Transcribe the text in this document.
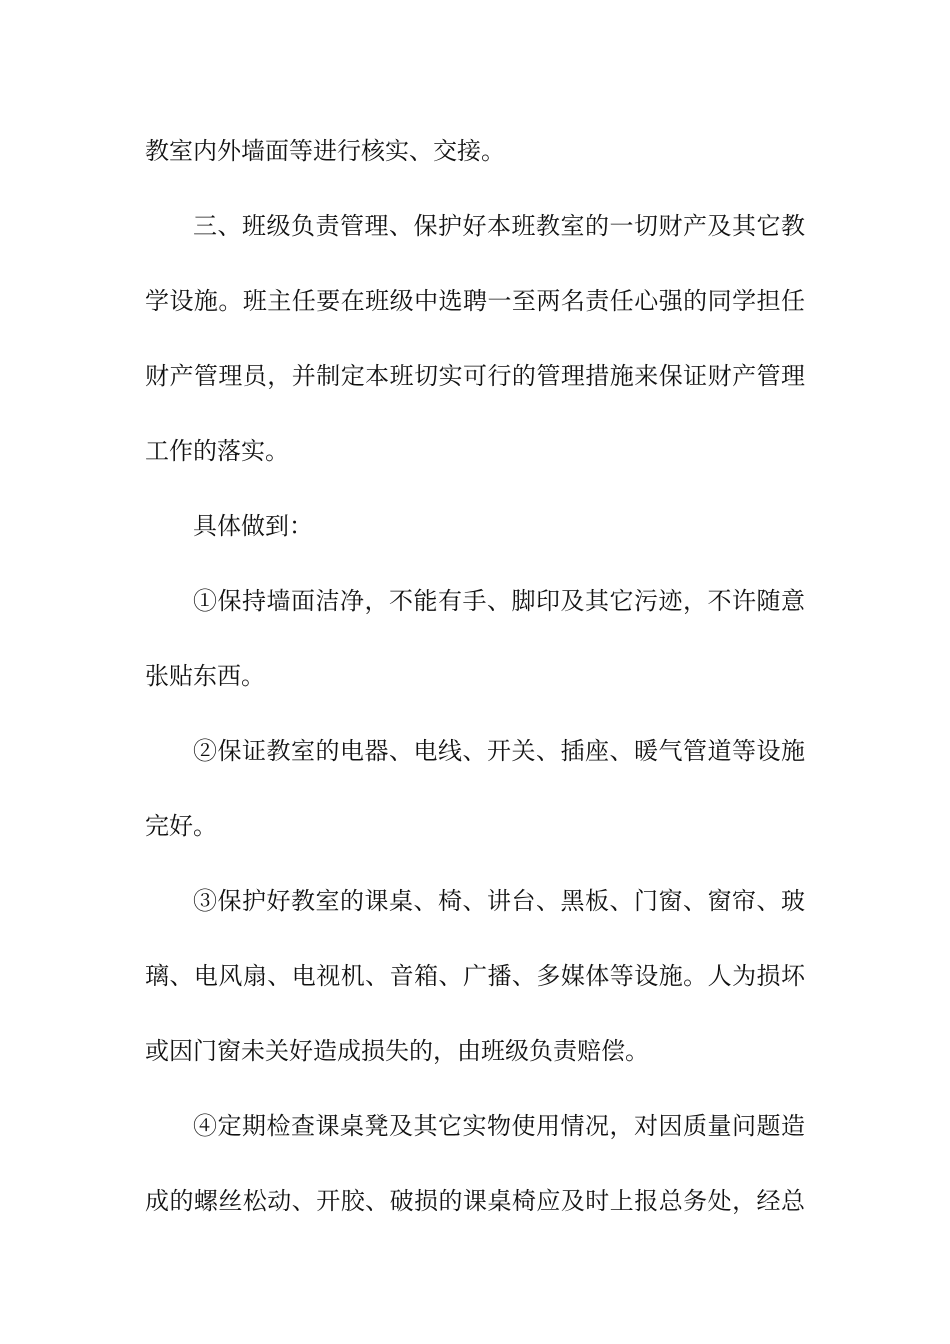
教室内外墙面等进行核实、交接。
三、班级负责管理、保护好本班教室的一切财产及其它教
学设施。班主任要在班级中选聘一至两名责任心强的同学担任
财产管理员，并制定本班切实可行的管理措施来保证财产管理
工作的落实。
具体做到：
①保持墙面洁净，不能有手、脚印及其它污迹，不许随意
张贴东西。
②保证教室的电器、电线、开关、插座、暖气管道等设施
完好。
③保护好教室的课桌、椅、讲台、黑板、门窗、窗帘、玻
璃、电风扇、电视机、音箱、广播、多媒体等设施。人为损坏
或因门窗未关好造成损失的，由班级负责赔偿。
④定期检查课桌凳及其它实物使用情况，对因质量问题造
成的螺丝松动、开胶、破损的课桌椅应及时上报总务处，经总
